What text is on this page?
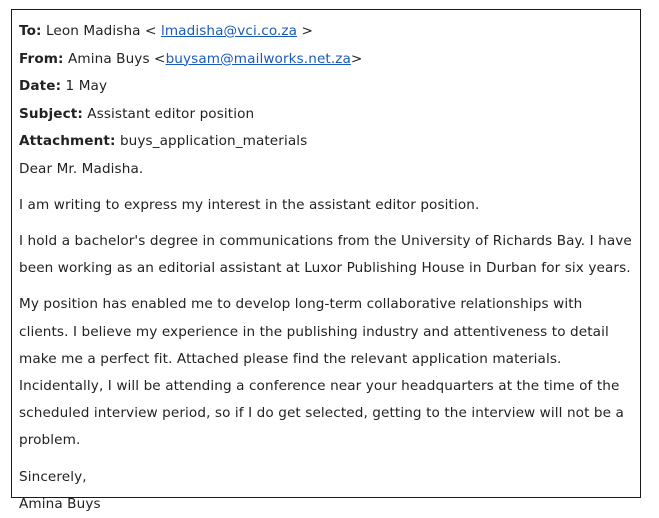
To: Leon Madisha < lmadisha@vci.co.za >
From: Amina Buys <buysam@mailworks.net.za>
Date: 1 May
Subject: Assistant editor position
Attachment: buys_application_materials

Dear Mr. Madisha.

I am writing to express my interest in the assistant editor position.

I hold a bachelor's degree in communications from the University of Richards Bay. I have been working as an editorial assistant at Luxor Publishing House in Durban for six years.

My position has enabled me to develop long-term collaborative relationships with clients. I believe my experience in the publishing industry and attentiveness to detail make me a perfect fit. Attached please find the relevant application materials. Incidentally, I will be attending a conference near your headquarters at the time of the scheduled interview period, so if I do get selected, getting to the interview will not be a problem.

Sincerely,

Amina Buys
